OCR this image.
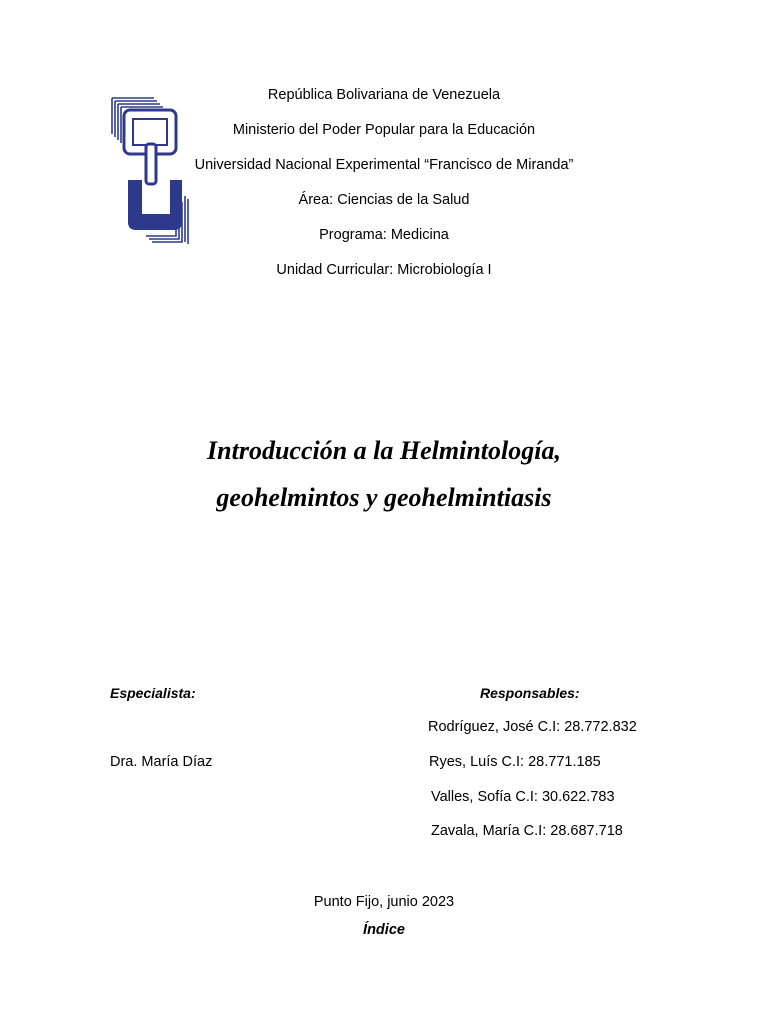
República Bolivariana de Venezuela
Ministerio del Poder Popular para la Educación
Universidad Nacional Experimental “Francisco de Miranda”
Área: Ciencias de la Salud
Programa: Medicina
Unidad Curricular: Microbiología I
Introducción a la Helmintología,
geohelmintos y geohelmintiasis
Especialista:
Dra. María Díaz
Responsables:
Rodríguez, José C.I: 28.772.832
Ryes, Luís C.I: 28.771.185
Valles, Sofía C.I: 30.622.783
Zavala, María C.I: 28.687.718
Punto Fijo, junio 2023
Índice
